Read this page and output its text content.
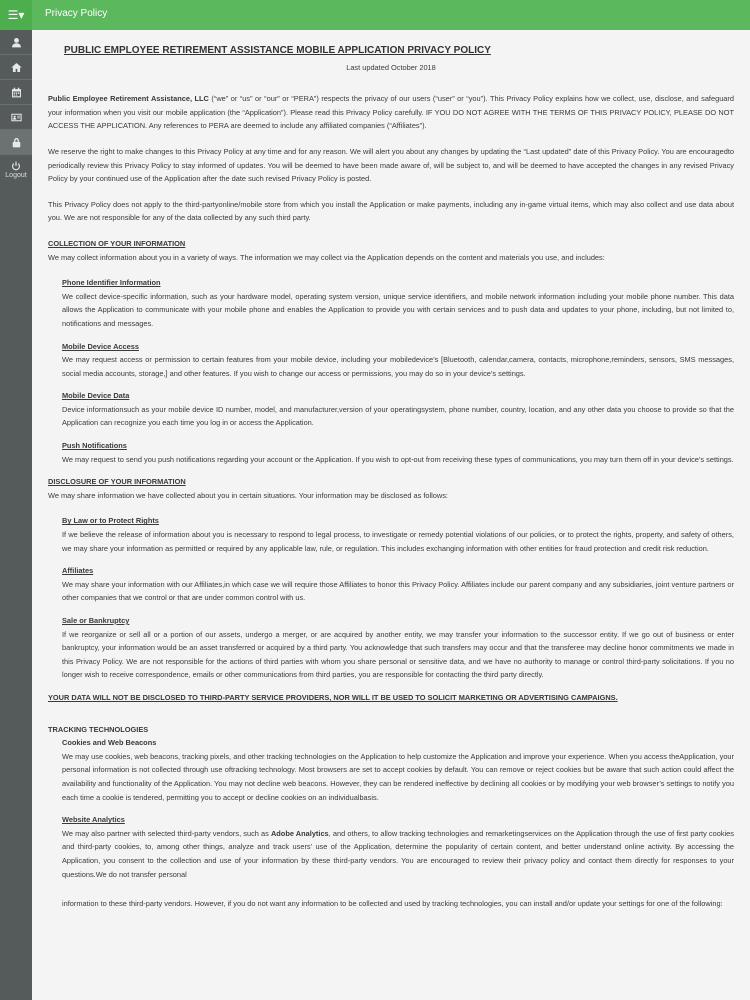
☰▾ Privacy Policy
Logout
PUBLIC EMPLOYEE RETIREMENT ASSISTANCE MOBILE APPLICATION PRIVACY POLICY
Last updated October 2018

Public Employee Retirement Assistance, LLC (“we” or “us” or “our” or “PERA”) respects the privacy of our users (“user” or “you”). This Privacy Policy explains how we collect, use, disclose, and safeguard your information when you visit our mobile application (the “Application”). Please read this Privacy Policy carefully. IF YOU DO NOT AGREE WITH THE TERMS OF THIS PRIVACY POLICY, PLEASE DO NOT ACCESS THE APPLICATION. Any references to PERA are deemed to include any affiliated companies (“Affiliates”).

We reserve the right to make changes to this Privacy Policy at any time and for any reason. We will alert you about any changes by updating the “Last updated” date of this Privacy Policy. You are encouragedto periodically review this Privacy Policy to stay informed of updates. You will be deemed to have been made aware of, will be subject to, and will be deemed to have accepted the changes in any revised Privacy Policy by your continued use of the Application after the date such revised Privacy Policy is posted.

This Privacy Policy does not apply to the third-partyonline/mobile store from which you install the Application or make payments, including any in-game virtual items, which may also collect and use data about you. We are not responsible for any of the data collected by any such third party.

COLLECTION OF YOUR INFORMATION

We may collect information about you in a variety of ways. The information we may collect via the Application depends on the content and materials you use, and includes:

Phone Identifier Information

We collect device-specific information, such as your hardware model, operating system version, unique service identifiers, and mobile network information including your mobile phone number. This data allows the Application to communicate with your mobile phone and enables the Application to provide you with certain services and to push data and updates to your phone, including, but not limited to, notifications and messages.

Mobile Device Access

We may request access or permission to certain features from your mobile device, including your mobiledevice’s [Bluetooth, calendar,camera, contacts, microphone,reminders, sensors, SMS messages, social media accounts, storage,] and other features. If you wish to change our access or permissions, you may do so in your device’s settings.

Mobile Device Data

Device informationsuch as your mobile device ID number, model, and manufacturer,version of your operatingsystem, phone number, country, location, and any other data you choose to provide so that the Application can recognize you each time you log in or access the Application.

Push Notifications

We may request to send you push notifications regarding your account or the Application. If you wish to opt-out from receiving these types of communications, you may turn them off in your device’s settings.

DISCLOSURE OF YOUR INFORMATION

We may share information we have collected about you in certain situations. Your information may be disclosed as follows:

By Law or to Protect Rights

If we believe the release of information about you is necessary to respond to legal process, to investigate or remedy potential violations of our policies, or to protect the rights, property, and safety of others, we may share your information as permitted or required by any applicable law, rule, or regulation. This includes exchanging information with other entities for fraud protection and credit risk reduction.

Affiliates

We may share your information with our Affiliates,in which case we will require those Affiliates to honor this Privacy Policy. Affiliates include our parent company and any subsidiaries, joint venture partners or other companies that we control or that are under common control with us.

Sale or Bankruptcy

If we reorganize or sell all or a portion of our assets, undergo a merger, or are acquired by another entity, we may transfer your information to the successor entity. If we go out of business or enter bankruptcy, your information would be an asset transferred or acquired by a third party. You acknowledge that such transfers may occur and that the transferee may decline honor commitments we made in this Privacy Policy. We are not responsible for the actions of third parties with whom you share personal or sensitive data, and we have no authority to manage or control third-party solicitations. If you no longer wish to receive correspondence, emails or other communications from third parties, you are responsible for contacting the third party directly.

YOUR DATA WILL NOT BE DISCLOSED TO THIRD-PARTY SERVICE PROVIDERS, NOR WILL IT BE USED TO SOLICIT MARKETING OR ADVERTISING CAMPAIGNS.
TRACKING TECHNOLOGIES
Cookies and Web Beacons

We may use cookies, web beacons, tracking pixels, and other tracking technologies on the Application to help customize the Application and improve your experience. When you access theApplication, your personal information is not collected through use oftracking technology. Most browsers are set to accept cookies by default. You can remove or reject cookies but be aware that such action could affect the availability and functionality of the Application. You may not decline web beacons. However, they can be rendered ineffective by declining all cookies or by modifying your web browser’s settings to notify you each time a cookie is tendered, permitting you to accept or decline cookies on an individualbasis.

Website Analytics

We may also partner with selected third-party vendors, such as Adobe Analytics, and others, to allow tracking technologies and remarketingservices on the Application through the use of first party cookies and third-party cookies, to, among other things, analyze and track users’ use of the Application, determine the popularity of certain content, and better understand online activity. By accessing the Application, you consent to the collection and use of your information by these third-party vendors. You are encouraged to review their privacy policy and contact them directly for responses to your questions.We do not transfer personal

information to these third-party vendors. However, if you do not want any information to be collected and used by tracking technologies, you can install and/or update your settings for one of the following:
